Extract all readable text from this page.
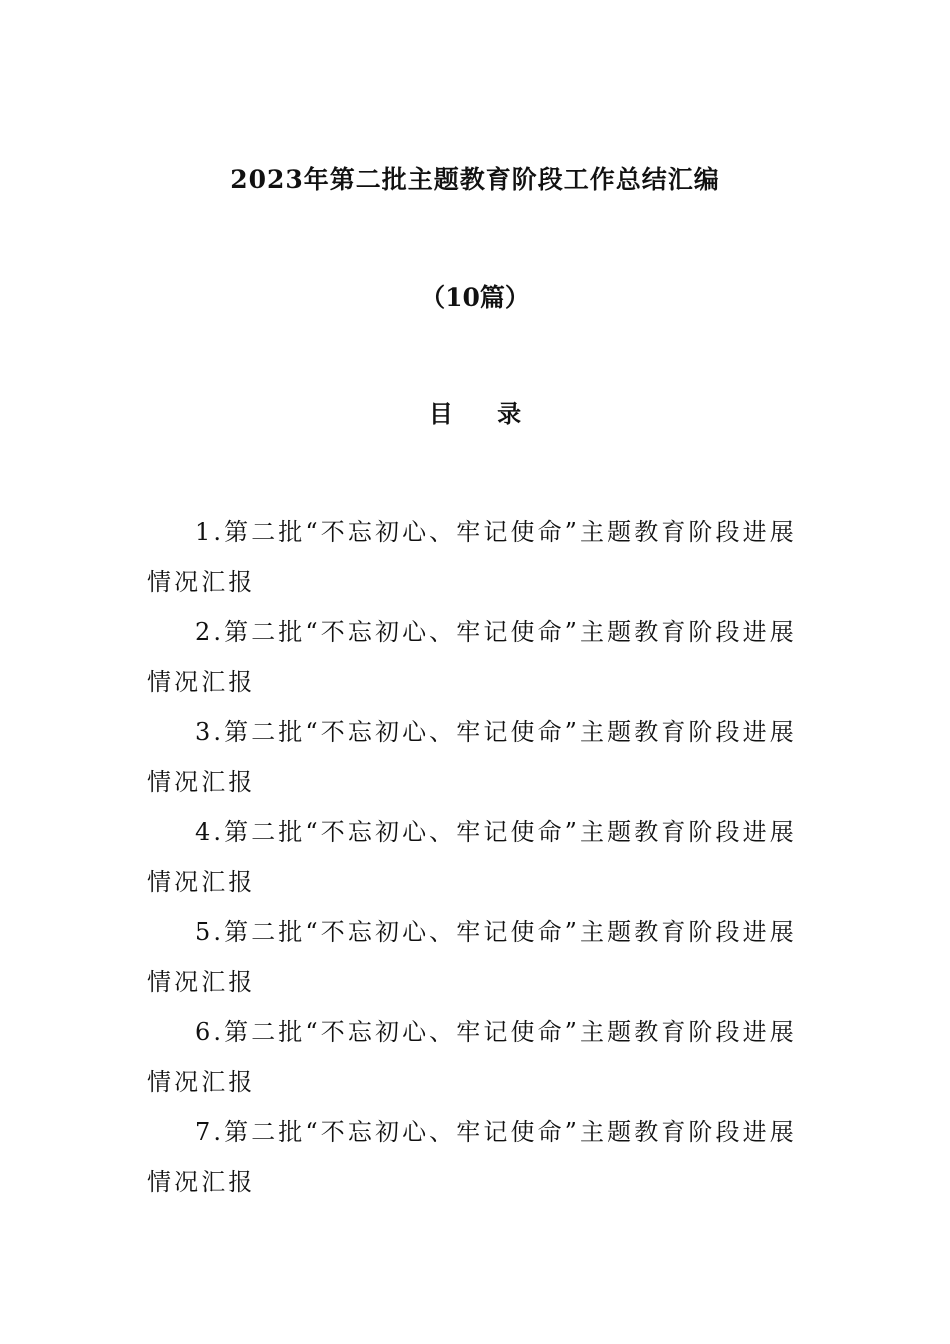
2023年第二批主题教育阶段工作总结汇编
（10篇）
目 录

1.第二批“不忘初心、牢记使命”主题教育阶段进展情况汇报

2.第二批“不忘初心、牢记使命”主题教育阶段进展情况汇报

3.第二批“不忘初心、牢记使命”主题教育阶段进展情况汇报

4.第二批“不忘初心、牢记使命”主题教育阶段进展情况汇报

5.第二批“不忘初心、牢记使命”主题教育阶段进展情况汇报

6.第二批“不忘初心、牢记使命”主题教育阶段进展情况汇报

7.第二批“不忘初心、牢记使命”主题教育阶段进展情况汇报
